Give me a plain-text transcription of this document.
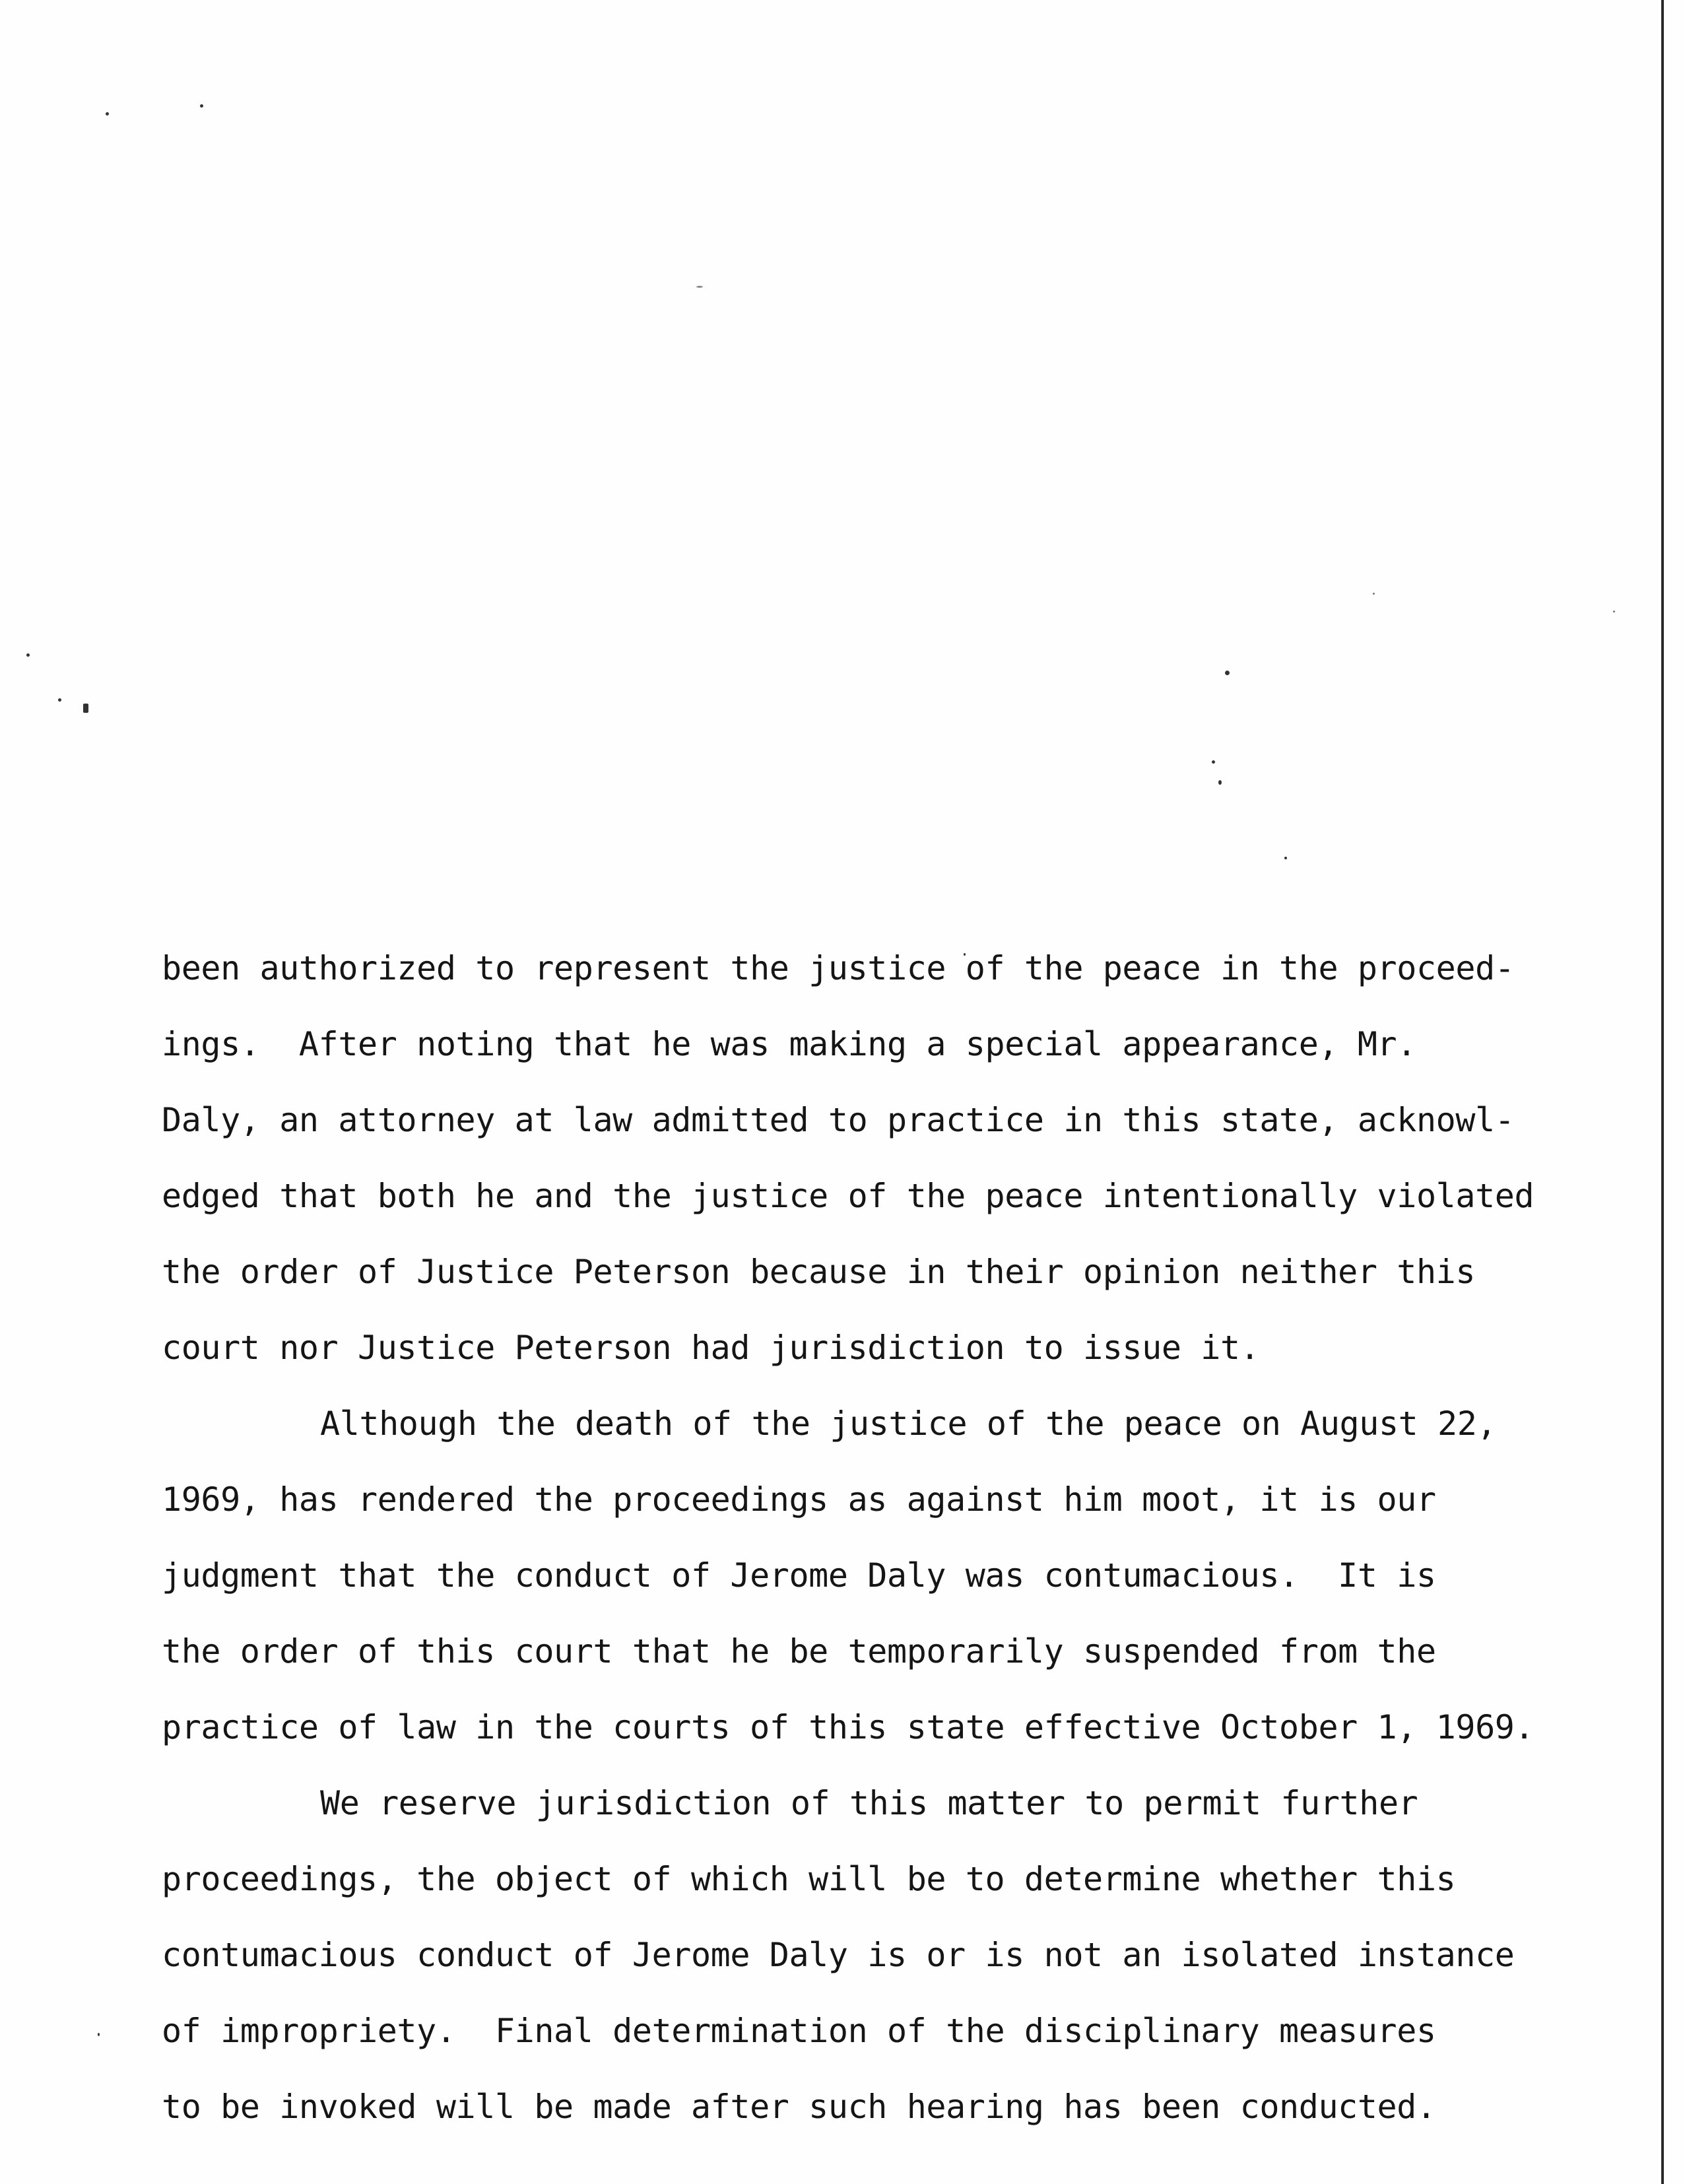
been authorized to represent the justice of the peace in the proceed-
ings.  After noting that he was making a special appearance, Mr.
Daly, an attorney at law admitted to practice in this state, acknowl-
edged that both he and the justice of the peace intentionally violated
the order of Justice Peterson because in their opinion neither this
court nor Justice Peterson had jurisdiction to issue it.
Although the death of the justice of the peace on August 22,
1969, has rendered the proceedings as against him moot, it is our
judgment that the conduct of Jerome Daly was contumacious.  It is
the order of this court that he be temporarily suspended from the
practice of law in the courts of this state effective October 1, 1969.
We reserve jurisdiction of this matter to permit further
proceedings, the object of which will be to determine whether this
contumacious conduct of Jerome Daly is or is not an isolated instance
of impropriety.  Final determination of the disciplinary measures
to be invoked will be made after such hearing has been conducted.
